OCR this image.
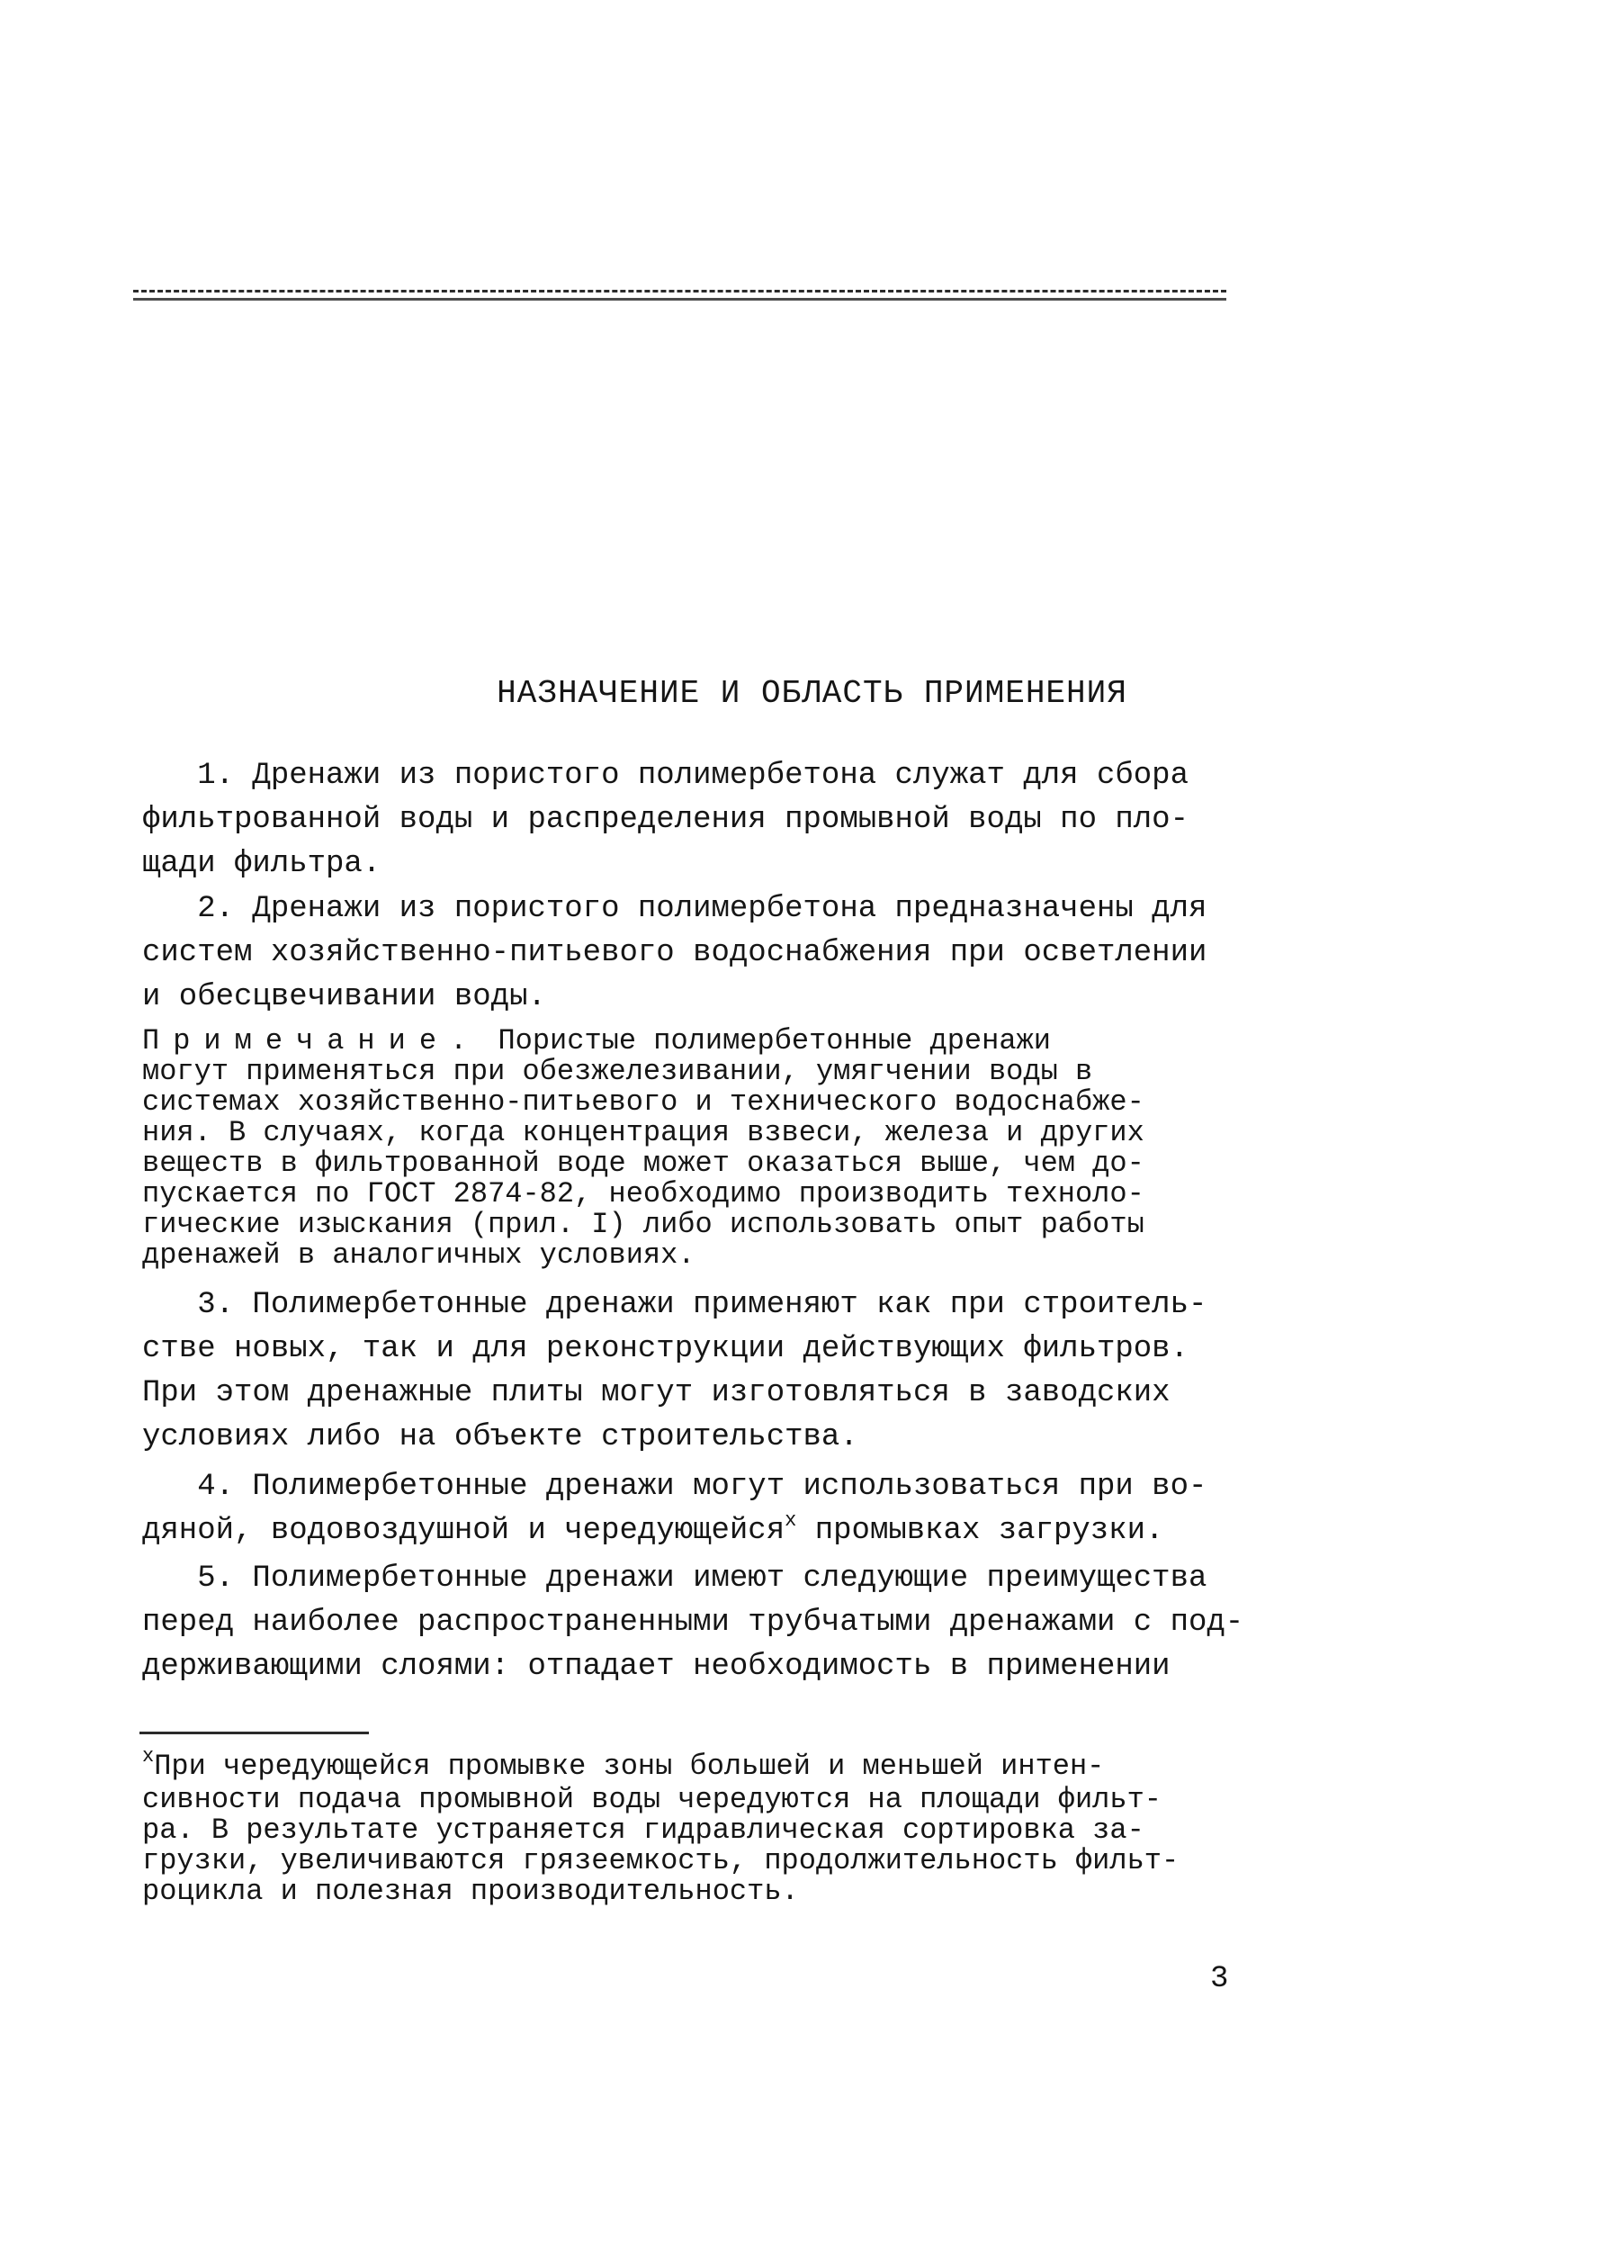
НАЗНАЧЕНИЕ И ОБЛАСТЬ ПРИМЕНЕНИЯ
1. Дренажи из пористого полимербетона служат для сбора
фильтрованной воды и распределения промывной воды по пло-
щади фильтра.
2. Дренажи из пористого полимербетона предназначены для
систем хозяйственно-питьевого водоснабжения при осветлении
и обесцвечивании воды.
Примечание. Пористые полимербетонные дренажи
могут применяться при обезжелезивании, умягчении воды в
системах хозяйственно-питьевого и технического водоснабже-
ния. В случаях, когда концентрация взвеси, железа и других
веществ в фильтрованной воде может оказаться выше, чем до-
пускается по ГОСТ 2874-82, необходимо производить техноло-
гические изыскания (прил. I) либо использовать опыт работы
дренажей в аналогичных условиях.
3. Полимербетонные дренажи применяют как при строитель-
стве новых, так и для реконструкции действующих фильтров.
При этом дренажные плиты могут изготовляться в заводских
условиях либо на объекте строительства.
4. Полимербетонные дренажи могут использоваться при во-
дяной, водовоздушной и чередующейся$^x$ промывках загрузки.
5. Полимербетонные дренажи имеют следующие преимущества
перед наиболее распространенными трубчатыми дренажами с под-
держивающими слоями: отпадает необходимость в применении
$^x$При чередующейся промывке зоны большей и меньшей интен-
сивности подача промывной воды чередуются на площади фильт-
ра. В результате устраняется гидравлическая сортировка за-
грузки, увеличиваются грязеемкость, продолжительность фильт-
роцикла и полезная производительность.

3
